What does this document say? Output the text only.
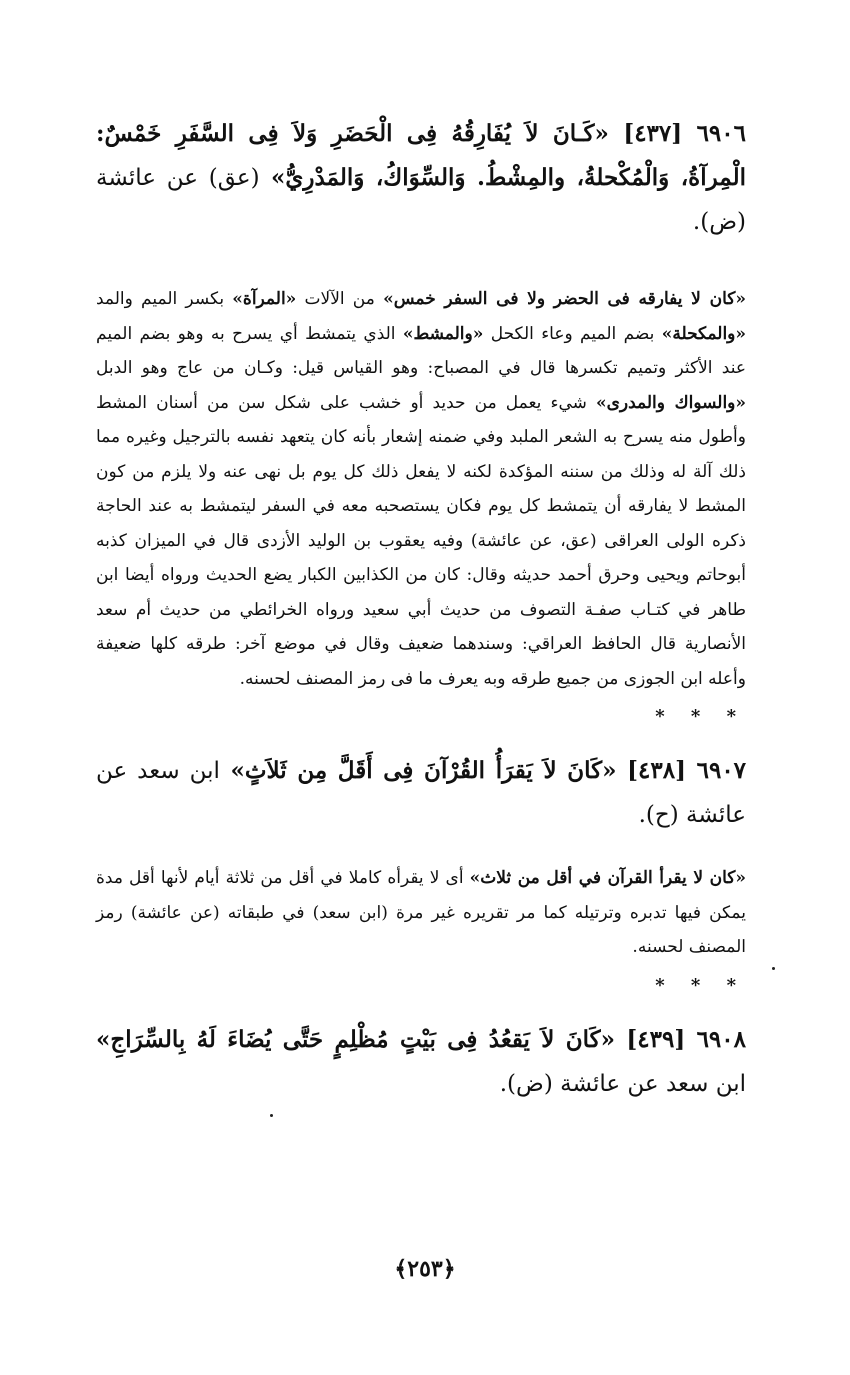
٦٩٠٦ [٤٣٧] «كَـانَ لاَ يُفَارِقُهُ فِى الْحَضَرِ وَلاَ فِى السَّفَرِ خَمْسٌ: الْمِرآةُ، وَالْمُكْحلةُ، والمِشْطُ. وَالسِّوَاكُ، وَالمَدْرِيُّ» (عق) عن عائشة (ض).
«كان لا يفارقه فى الحضر ولا فى السفر خمس» من الآلات «المرآة» بكسر الميم والمد «والمكحلة» بضم الميم وعاء الكحل «والمشط» الذي يتمشط أي يسرح به وهو بضم الميم عند الأكثر وتميم تكسرها قال في المصباح: وهو القياس قيل: وكـان من عاج وهو الدبل «والسواك والمدرى» شيء يعمل من حديد أو خشب على شكل سن من أسنان المشط وأطول منه يسرح به الشعر الملبد وفي ضمنه إشعار بأنه كان يتعهد نفسه بالترجيل وغيره مما ذلك آلة له وذلك من سننه المؤكدة لكنه لا يفعل ذلك كل يوم بل نهى عنه ولا يلزم من كون المشط لا يفارقه أن يتمشط كل يوم فكان يستصحبه معه في السفر ليتمشط به عند الحاجة ذكره الولى العراقى (عق، عن عائشة) وفيه يعقوب بن الوليد الأزدى قال في الميزان كذبه أبوحاتم ويحيى وحرق أحمد حديثه وقال: كان من الكذابين الكبار يضع الحديث ورواه أيضا ابن طاهر في كتـاب صفـة التصوف من حديث أبي سعيد ورواه الخرائطي من حديث أم سعد الأنصارية قال الحافظ العراقي: وسندهما ضعيف وقال في موضع آخر: طرقه كلها ضعيفة وأعله ابن الجوزى من جميع طرقه وبه يعرف ما فى رمز المصنف لحسنه.
* * *
٦٩٠٧ [٤٣٨] «كَانَ لاَ يَقرَأُ القُرْآنَ فِى أَقَلَّ مِن ثَلاَثٍ» ابن سعد عن عائشة (ح).
«كان لا يقرأ القرآن في أقل من ثلاث» أى لا يقرأه كاملا في أقل من ثلاثة أيام لأنها أقل مدة يمكن فيها تدبره وترتيله كما مر تقريره غير مرة (ابن سعد) في طبقاته (عن عائشة) رمز المصنف لحسنه.
* * *
٦٩٠٨ [٤٣٩] «كَانَ لاَ يَقعُدُ فِى بَيْتٍ مُظْلِمٍ حَتَّى يُضَاءَ لَهُ بِالسِّرَاجِ» ابن سعد عن عائشة (ض).
﴿٢٥٣﴾
